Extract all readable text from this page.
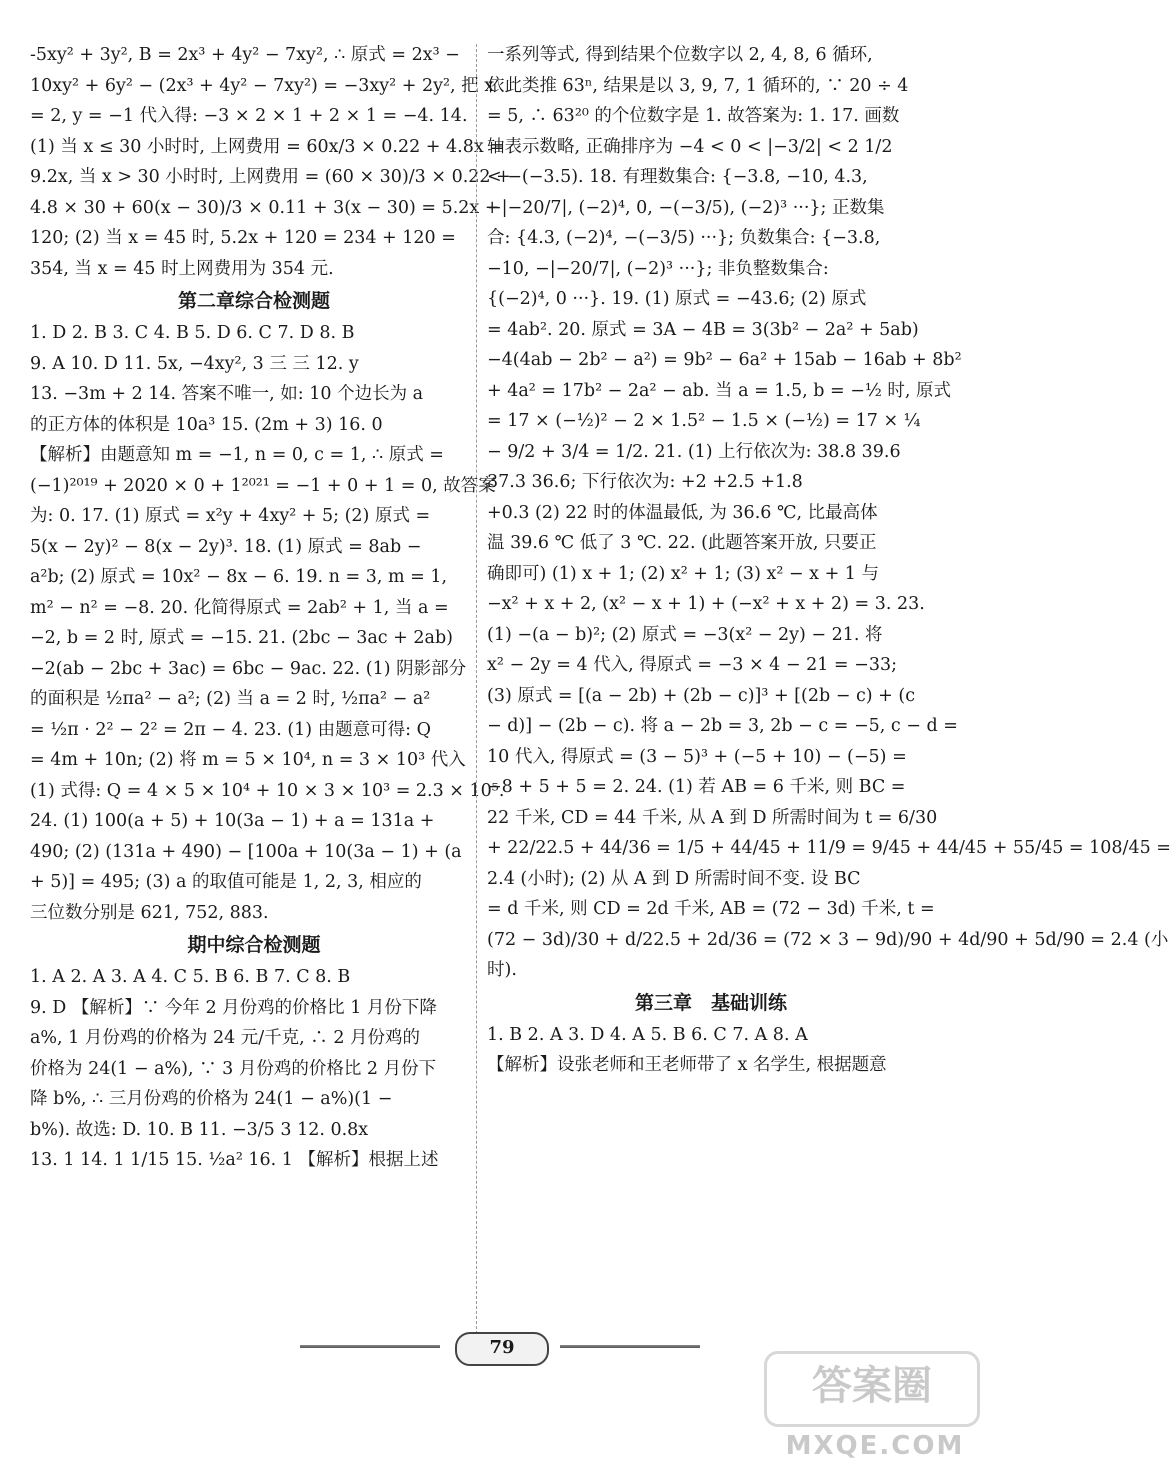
-5xy² + 3y², B = 2x³ + 4y² − 7xy², ∴ 原式 = 2x³ −
10xy² + 6y² − (2x³ + 4y² − 7xy²) = −3xy² + 2y², 把 x
= 2, y = −1 代入得: −3 × 2 × 1 + 2 × 1 = −4. 14.
(1) 当 x ≤ 30 小时时, 上网费用 = 60x/3 × 0.22 + 4.8x =
9.2x, 当 x > 30 小时时, 上网费用 = (60 × 30)/3 × 0.22 +
4.8 × 30 + 60(x − 30)/3 × 0.11 + 3(x − 30) = 5.2x +
120; (2) 当 x = 45 时, 5.2x + 120 = 234 + 120 =
354, 当 x = 45 时上网费用为 354 元.
第二章综合检测题
1. D 2. B 3. C 4. B 5. D 6. C 7. D 8. B
9. A 10. D 11. 5x, −4xy², 3 三 三 12. y
13. −3m + 2 14. 答案不唯一, 如: 10 个边长为 a
的正方体的体积是 10a³ 15. (2m + 3) 16. 0
【解析】由题意知 m = −1, n = 0, c = 1, ∴ 原式 =
(−1)²⁰¹⁹ + 2020 × 0 + 1²⁰²¹ = −1 + 0 + 1 = 0, 故答案
为: 0. 17. (1) 原式 = x²y + 4xy² + 5; (2) 原式 =
5(x − 2y)² − 8(x − 2y)³. 18. (1) 原式 = 8ab −
a²b; (2) 原式 = 10x² − 8x − 6. 19. n = 3, m = 1,
m² − n² = −8. 20. 化简得原式 = 2ab² + 1, 当 a =
−2, b = 2 时, 原式 = −15. 21. (2bc − 3ac + 2ab)
−2(ab − 2bc + 3ac) = 6bc − 9ac. 22. (1) 阴影部分
的面积是 ½πa² − a²; (2) 当 a = 2 时, ½πa² − a²
= ½π · 2² − 2² = 2π − 4. 23. (1) 由题意可得: Q
= 4m + 10n; (2) 将 m = 5 × 10⁴, n = 3 × 10³ 代入
(1) 式得: Q = 4 × 5 × 10⁴ + 10 × 3 × 10³ = 2.3 × 10⁵.
24. (1) 100(a + 5) + 10(3a − 1) + a = 131a +
490; (2) (131a + 490) − [100a + 10(3a − 1) + (a
+ 5)] = 495; (3) a 的取值可能是 1, 2, 3, 相应的
三位数分别是 621, 752, 883.
期中综合检测题
1. A 2. A 3. A 4. C 5. B 6. B 7. C 8. B
9. D 【解析】∵ 今年 2 月份鸡的价格比 1 月份下降
a%, 1 月份鸡的价格为 24 元/千克, ∴ 2 月份鸡的
价格为 24(1 − a%), ∵ 3 月份鸡的价格比 2 月份下
降 b%, ∴ 三月份鸡的价格为 24(1 − a%)(1 −
b%). 故选: D. 10. B 11. −3/5 3 12. 0.8x
13. 1 14. 1 1/15 15. ½a² 16. 1 【解析】根据上述
一系列等式, 得到结果个位数字以 2, 4, 8, 6 循环,
依此类推 63ⁿ, 结果是以 3, 9, 7, 1 循环的, ∵ 20 ÷ 4
= 5, ∴ 63²⁰ 的个位数字是 1. 故答案为: 1. 17. 画数
轴表示数略, 正确排序为 −4 < 0 < |−3/2| < 2 1/2
< −(−3.5). 18. 有理数集合: {−3.8, −10, 4.3,
−|−20/7|, (−2)⁴, 0, −(−3/5), (−2)³ ···}; 正数集
合: {4.3, (−2)⁴, −(−3/5) ···}; 负数集合: {−3.8,
−10, −|−20/7|, (−2)³ ···}; 非负整数集合:
{(−2)⁴, 0 ···}. 19. (1) 原式 = −43.6; (2) 原式
= 4ab². 20. 原式 = 3A − 4B = 3(3b² − 2a² + 5ab)
−4(4ab − 2b² − a²) = 9b² − 6a² + 15ab − 16ab + 8b²
+ 4a² = 17b² − 2a² − ab. 当 a = 1.5, b = −½ 时, 原式
= 17 × (−½)² − 2 × 1.5² − 1.5 × (−½) = 17 × ¼
− 9/2 + 3/4 = 1/2. 21. (1) 上行依次为: 38.8 39.6
37.3 36.6; 下行依次为: +2 +2.5 +1.8
+0.3 (2) 22 时的体温最低, 为 36.6 ℃, 比最高体
温 39.6 ℃ 低了 3 ℃. 22. (此题答案开放, 只要正
确即可) (1) x + 1; (2) x² + 1; (3) x² − x + 1 与
−x² + x + 2, (x² − x + 1) + (−x² + x + 2) = 3. 23.
(1) −(a − b)²; (2) 原式 = −3(x² − 2y) − 21. 将
x² − 2y = 4 代入, 得原式 = −3 × 4 − 21 = −33;
(3) 原式 = [(a − 2b) + (2b − c)]³ + [(2b − c) + (c
− d)] − (2b − c). 将 a − 2b = 3, 2b − c = −5, c − d =
10 代入, 得原式 = (3 − 5)³ + (−5 + 10) − (−5) =
−8 + 5 + 5 = 2. 24. (1) 若 AB = 6 千米, 则 BC =
22 千米, CD = 44 千米, 从 A 到 D 所需时间为 t = 6/30
+ 22/22.5 + 44/36 = 1/5 + 44/45 + 11/9 = 9/45 + 44/45 + 55/45 = 108/45 =
2.4 (小时); (2) 从 A 到 D 所需时间不变. 设 BC
= d 千米, 则 CD = 2d 千米, AB = (72 − 3d) 千米, t =
(72 − 3d)/30 + d/22.5 + 2d/36 = (72 × 3 − 9d)/90 + 4d/90 + 5d/90 = 2.4 (小
时).
第三章　基础训练
1. B 2. A 3. D 4. A 5. B 6. C 7. A 8. A
【解析】设张老师和王老师带了 x 名学生, 根据题意
79
答案圈
MXQE.COM
